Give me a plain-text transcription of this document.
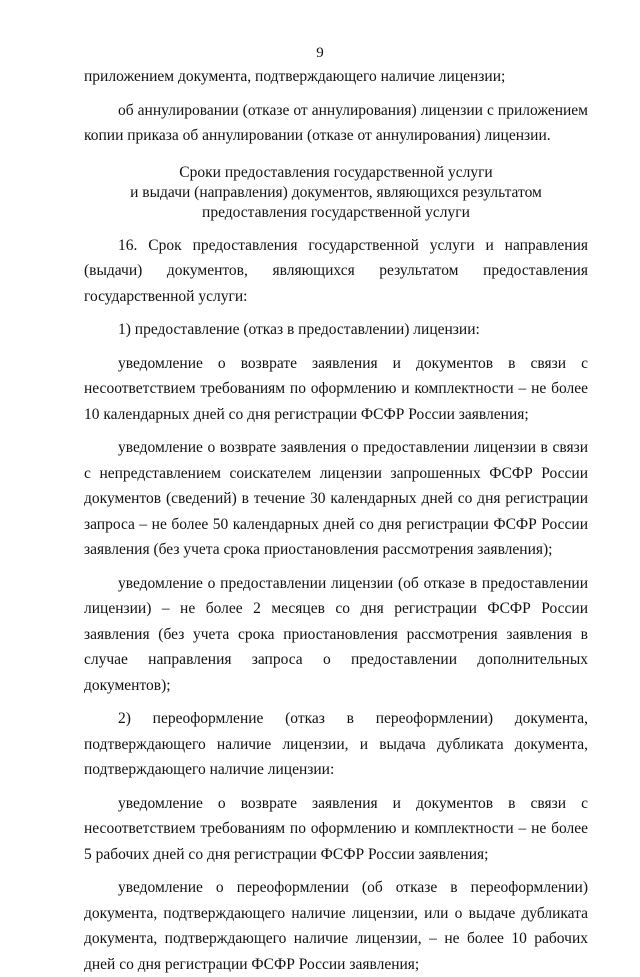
9

приложением документа, подтверждающего наличие лицензии;

об аннулировании (отказе от аннулирования) лицензии с приложением копии приказа об аннулировании (отказе от аннулирования) лицензии.

Сроки предоставления государственной услуги
и выдачи (направления) документов, являющихся результатом
предоставления государственной услуги

16. Срок предоставления государственной услуги и направления (выдачи) документов, являющихся результатом предоставления государственной услуги:

1) предоставление (отказ в предоставлении) лицензии:

уведомление о возврате заявления и документов в связи с несоответствием требованиям по оформлению и комплектности – не более 10 календарных дней со дня регистрации ФСФР России заявления;

уведомление о возврате заявления о предоставлении лицензии в связи с непредставлением соискателем лицензии запрошенных ФСФР России документов (сведений) в течение 30 календарных дней со дня регистрации запроса – не более 50 календарных дней со дня регистрации ФСФР России заявления (без учета срока приостановления рассмотрения заявления);

уведомление о предоставлении лицензии (об отказе в предоставлении лицензии) – не более 2 месяцев со дня регистрации ФСФР России заявления (без учета срока приостановления рассмотрения заявления в случае направления запроса о предоставлении дополнительных документов);

2) переоформление (отказ в переоформлении) документа, подтверждающего наличие лицензии, и выдача дубликата документа, подтверждающего наличие лицензии:

уведомление о возврате заявления и документов в связи с несоответствием требованиям по оформлению и комплектности – не более 5 рабочих дней со дня регистрации ФСФР России заявления;

уведомление о переоформлении (об отказе в переоформлении) документа, подтверждающего наличие лицензии, или о выдаче дубликата документа, подтверждающего наличие лицензии, – не более 10 рабочих дней со дня регистрации ФСФР России заявления;
